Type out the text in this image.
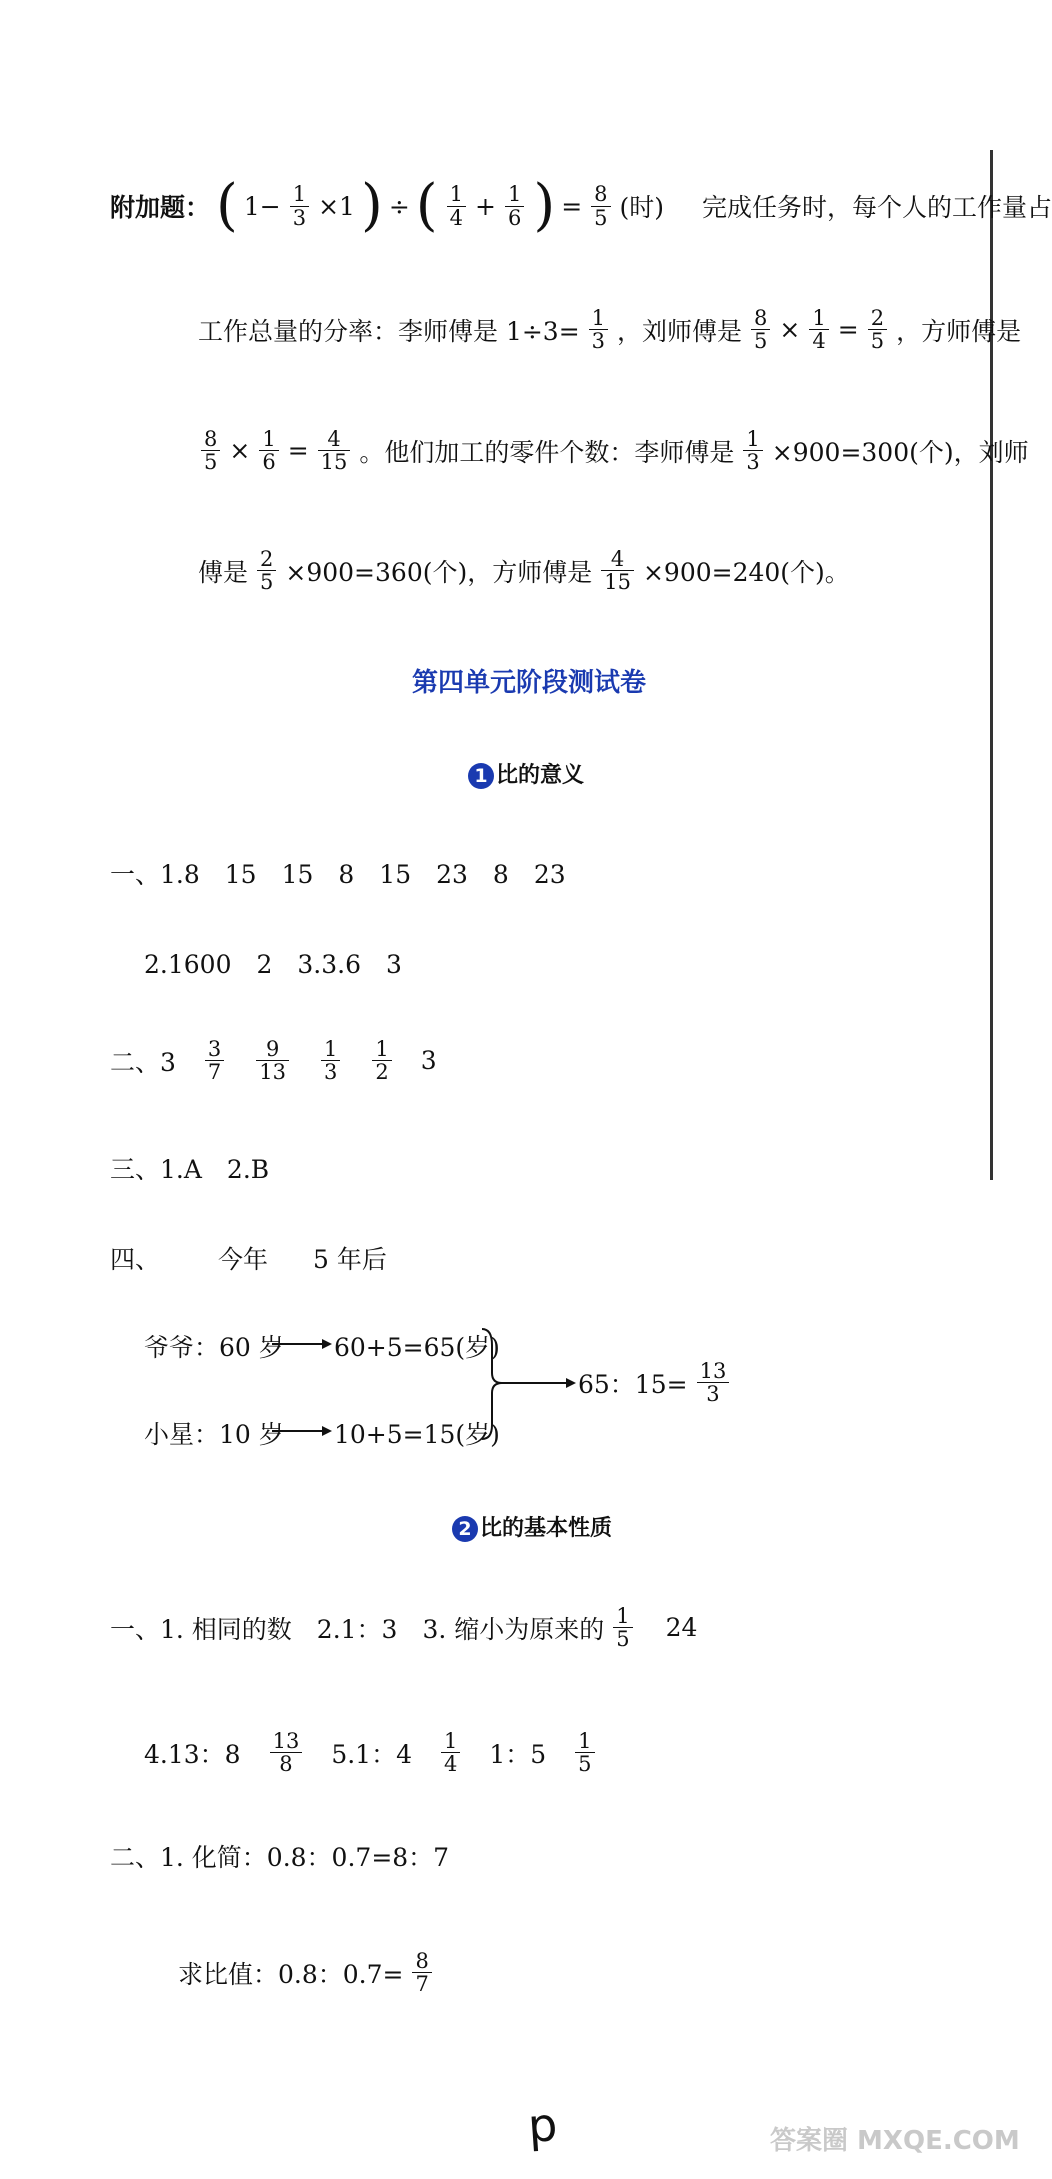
附加题： ( $1- \frac{1}{3} \times 1$ ) ÷ ( $\frac{1}{4} + \frac{1}{6}$ ) = $\frac{8}{5}$ (时) 完成任务时，每个人的工作量占
工作总量的分率：李师傅是 $1\div 3= \frac{1}{3}$ ，刘师傅是 $\frac{8}{5} \times \frac{1}{4} = \frac{2}{5}$ ，方师傅是
$\frac{8}{5} \times \frac{1}{6} = \frac{4}{15}$ 。他们加工的零件个数：李师傅是 $\frac{1}{3} \times 900=300$(个)，刘师
傅是 $\frac{2}{5} \times 900=360$(个)，方师傅是 $\frac{4}{15} \times 900=240$(个)。
第四单元阶段测试卷
1 比的意义
一、1.8　15　15　8　15　23　8　23
2.1600　2　3.3.6　3
二、$3 \frac{3}{7} \frac{9}{13} \frac{1}{3} \frac{1}{2} 3$
三、1.A　2.B
四、 今年 5 年后
爷爷：60 岁 60+5=65(岁)
小星：10 岁 10+5=15(岁)
65：$15= \frac{13}{3}$
2 比的基本性质
一、1. 相同的数　2.1：3　3. 缩小为原来的 $\frac{1}{5} 24$
4.13：$8 \frac{13}{8} 5.1$：$4 \frac{1}{4} 1$：$5 \frac{1}{5}$
二、1. 化简：0.8：0.7=8：7
求比值：0.8：$0.7= \frac{8}{7}$
p	答案圈 MXQE.COM
